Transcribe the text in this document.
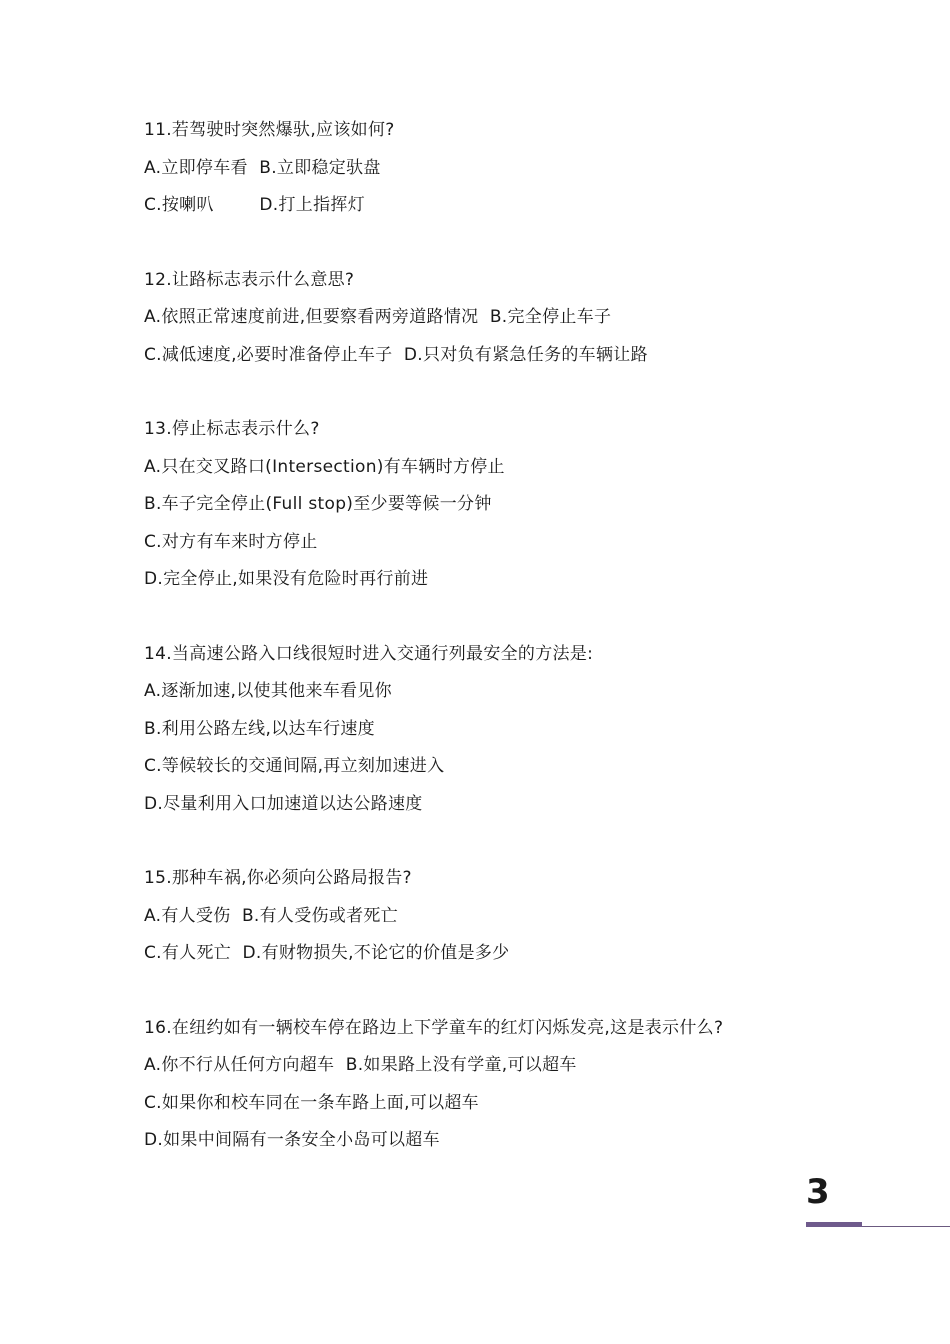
11.若驾驶时突然爆驮,应该如何?
A.立即停车看  B.立即稳定驮盘
C.按喇叭        D.打上指挥灯
12.让路标志表示什么意思?
A.依照正常速度前进,但要察看两旁道路情况  B.完全停止车子
C.减低速度,必要时准备停止车子  D.只对负有紧急任务的车辆让路
13.停止标志表示什么?
A.只在交叉路口(Intersection)有车辆时方停止
B.车子完全停止(Full stop)至少要等候一分钟
C.对方有车来时方停止
D.完全停止,如果没有危险时再行前进
14.当高速公路入口线很短时进入交通行列最安全的方法是:
A.逐渐加速,以使其他来车看见你
B.利用公路左线,以达车行速度
C.等候较长的交通间隔,再立刻加速进入
D.尽量利用入口加速道以达公路速度
15.那种车祸,你必须向公路局报告?
A.有人受伤  B.有人受伤或者死亡
C.有人死亡  D.有财物损失,不论它的价值是多少
16.在纽约如有一辆校车停在路边上下学童车的红灯闪烁发亮,这是表示什么?
A.你不行从任何方向超车  B.如果路上没有学童,可以超车
C.如果你和校车同在一条车路上面,可以超车
D.如果中间隔有一条安全小岛可以超车
3
